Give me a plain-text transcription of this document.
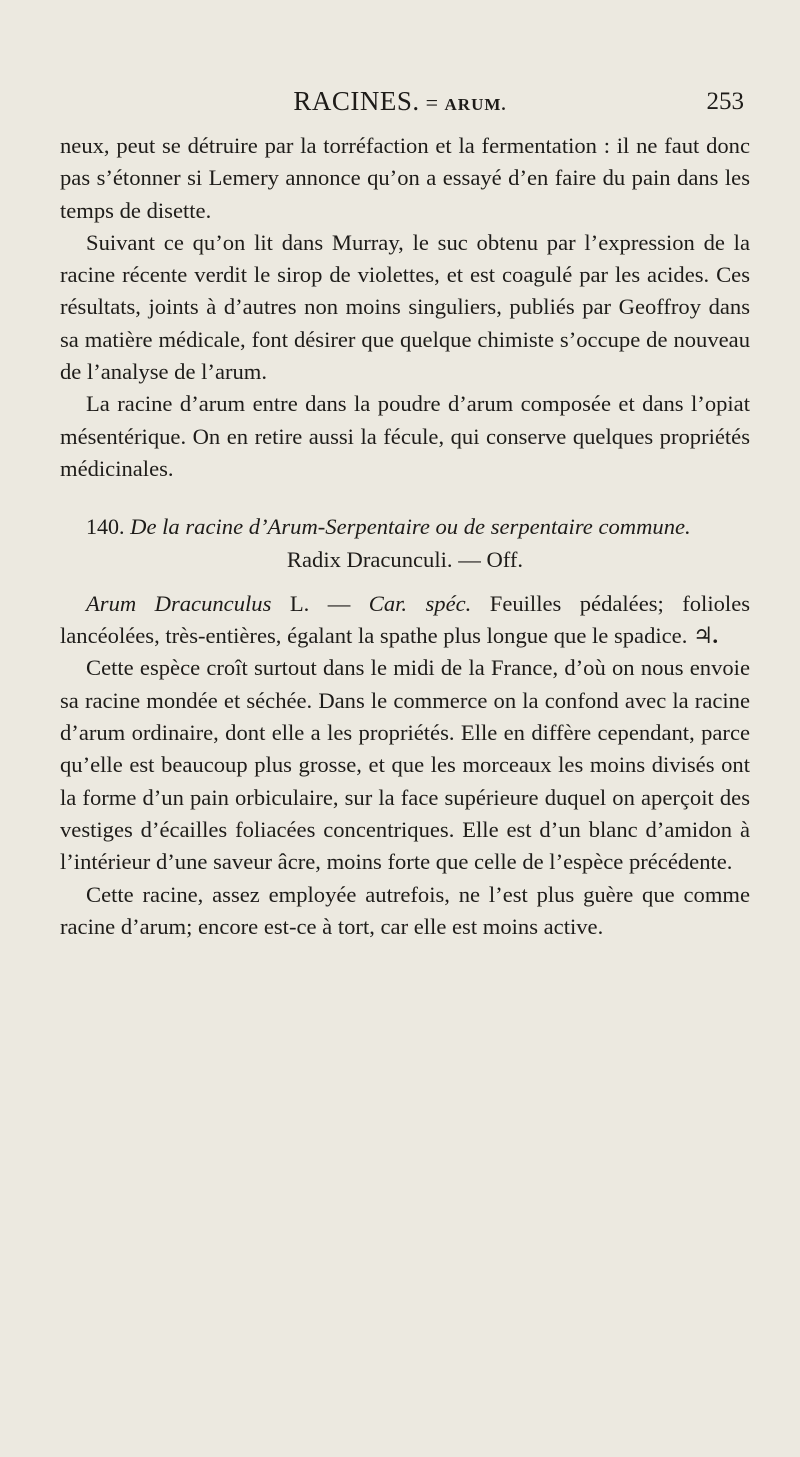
RACINES. = ARUM.	253

neux, peut se détruire par la torréfaction et la fermentation : il ne faut donc pas s’étonner si Lemery annonce qu’on a essayé d’en faire du pain dans les temps de disette.

Suivant ce qu’on lit dans Murray, le suc obtenu par l’expression de la racine récente verdit le sirop de violettes, et est coagulé par les acides. Ces résultats, joints à d’autres non moins singuliers, publiés par Geoffroy dans sa matière médicale, font désirer que quelque chimiste s’occupe de nouveau de l’analyse de l’arum.

La racine d’arum entre dans la poudre d’arum composée et dans l’opiat mésentérique. On en retire aussi la fécule, qui conserve quelques propriétés médicinales.

140. De la racine d’Arum-Serpentaire ou de serpentaire commune.

Radix Dracunculi. — Off.

Arum Dracunculus L. — Car. spéc. Feuilles pédalées; folioles lancéolées, très-entières, égalant la spathe plus longue que le spadice. ♃.

Cette espèce croît surtout dans le midi de la France, d’où on nous envoie sa racine mondée et séchée. Dans le commerce on la confond avec la racine d’arum ordinaire, dont elle a les propriétés. Elle en diffère cependant, parce qu’elle est beaucoup plus grosse, et que les morceaux les moins divisés ont la forme d’un pain orbiculaire, sur la face supérieure duquel on aperçoit des vestiges d’écailles foliacées concentriques. Elle est d’un blanc d’amidon à l’intérieur d’une saveur âcre, moins forte que celle de l’espèce précédente.

Cette racine, assez employée autrefois, ne l’est plus guère que comme racine d’arum; encore est-ce à tort, car elle est moins active.
